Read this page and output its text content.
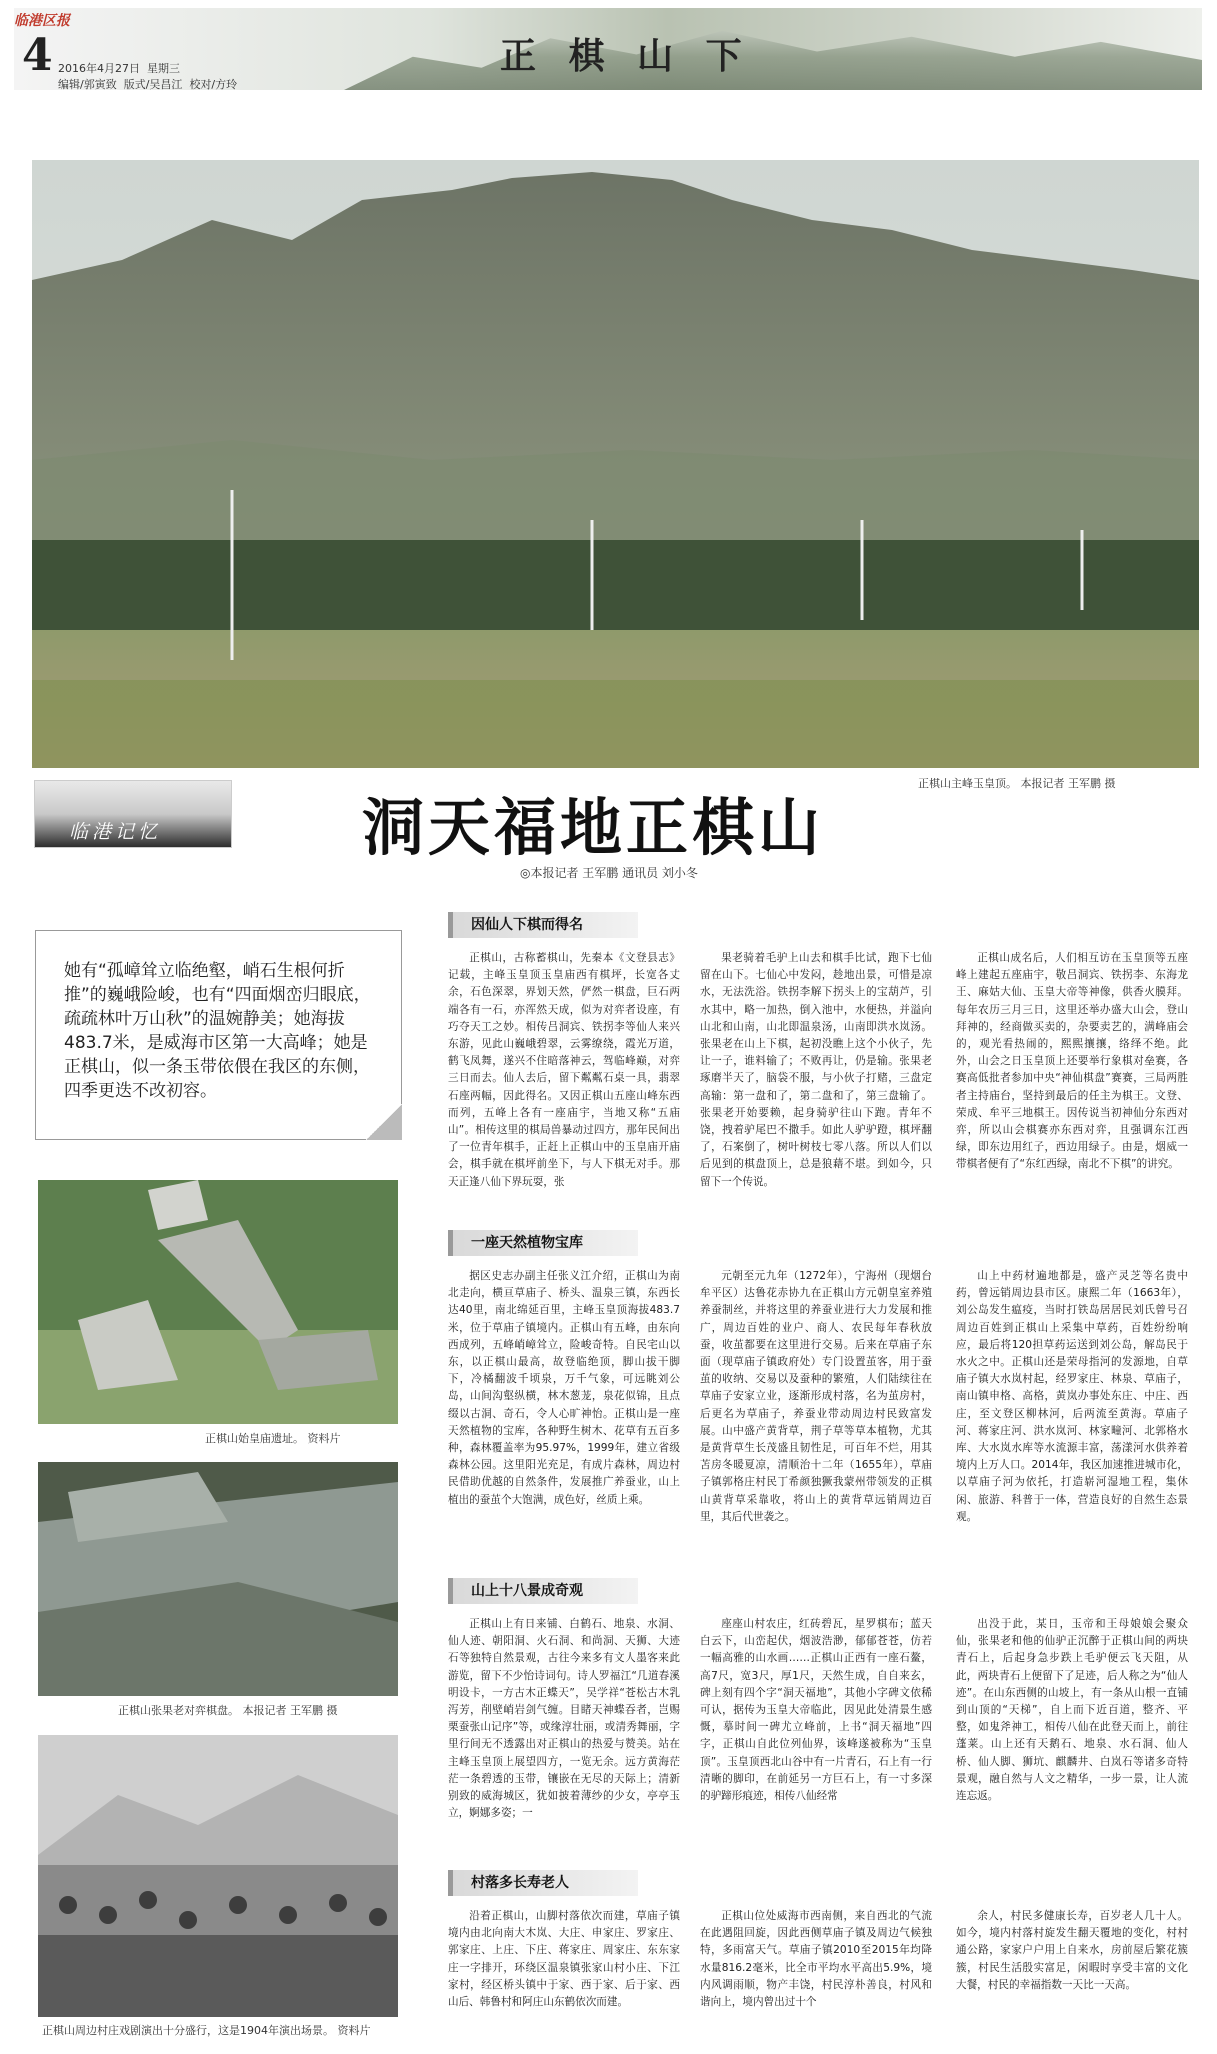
临港区报
4 2016年4月27日 星期三
编辑/郭寅致 版式/吴昌江 校对/方玲
正 棋 山 下
正棋山主峰玉皇顶。 本报记者 王军鹏 摄
临港记忆	洞天福地正棋山
◎本报记者 王军鹏 通讯员 刘小冬
她有“孤嶂耸立临绝壑，峭石生根何折推”的巍峨险峻，也有“四面烟峦归眼底，疏疏林叶万山秋”的温婉静美；她海拔483.7米，是威海市区第一大高峰；她是正棋山，似一条玉带依偎在我区的东侧，四季更迭不改初容。
正棋山始皇庙遗址。 资料片
正棋山张果老对弈棋盘。 本报记者 王军鹏 摄
正棋山周边村庄戏剧演出十分盛行，这是1904年演出场景。 资料片
因仙人下棋而得名

正棋山，古称蓄棋山，先秦本《文登县志》记载，主峰玉皇顶玉皇庙西有棋坪，长宽各丈余，石色深翠，界划天然，俨然一棋盘，巨石两端各有一石，亦浑然天成，似为对弈者设座，有巧夺天工之妙。相传吕洞宾、铁拐李等仙人来兴东游，见此山巍峨碧翠，云雾缭绕，霞光万道，鹤飞凤舞，遂兴不住暗落神云，驾临峰巅，对弈三日而去。仙人去后，留下粼粼石桌一具，翡翠石座两幅，因此得名。又因正棋山五座山峰东西而列，五峰上各有一座庙宇，当地又称“五庙山”。相传这里的棋局兽暴动过四方，那年民间出了一位青年棋手，正赶上正棋山中的玉皇庙开庙会，棋手就在棋坪前坐下，与人下棋无对手。那天正逢八仙下界玩耍，张

果老骑着毛驴上山去和棋手比试，跑下七仙留在山下。七仙心中发闷，趁地出景，可惜是凉水，无法洗浴。铁拐李解下拐头上的宝葫芦，引水其中，略一加热，倒入池中，水便热，并溢向山北和山南，山北即温泉汤，山南即洪水岚汤。张果老在山上下棋，起初没瞧上这个小伙子，先让一子，谁料输了；不败再让，仍是输。张果老琢磨半天了，脑袋不服，与小伙子打赌，三盘定高输：第一盘和了，第二盘和了，第三盘输了。张果老开始要赖，起身骑驴往山下跑。青年不饶，拽着驴尾巴不撒手。如此人驴驴蹬，棋坪翻了，石案倒了，树叶树枝七零八落。所以人们以后见到的棋盘顶上，总是狼藉不堪。到如今，只留下一个传说。

正棋山成名后，人们相互访在玉皇顶等五座峰上建起五座庙宇，敬吕洞宾、铁拐李、东海龙王、麻姑大仙、玉皇大帝等神像，供香火膜拜。每年农历三月三日，这里还举办盛大山会，登山拜神的，经商做买卖的，杂要卖艺的，满峰庙会的，观光看热闹的，熙熙攘攘，络绎不绝。此外，山会之日玉皇顶上还要举行象棋对垒赛，各赛高低批者参加中央“神仙棋盘”赛赛，三局两胜者主持庙台，坚持到最后的任主为棋王。文登、荣成、牟平三地棋王。因传说当初神仙分东西对弈，所以山会棋赛亦东西对弈，且强调东江西绿，即东边用红子，西边用绿子。由是，烟威一带棋者便有了“东红西绿，南北不下棋”的讲究。

一座天然植物宝库

据区史志办副主任张义江介绍，正棋山为南北走向，横亘草庙子、桥头、温泉三镇，东西长达40里，南北绵延百里，主峰玉皇顶海拔483.7米，位于草庙子镇境内。正棋山有五峰，由东向西成列，五峰峭嶂耸立，险峻奇特。自民宅山以东，以正棋山最高，故登临绝顶，脚山拔干脚下，冷橘翻波千顷泉，万千气象，可远眺刘公岛，山间沟壑纵横，林木葱茏，泉花似锦，且点缀以古洞、奇石，令人心旷神怡。正棋山是一座天然植物的宝库，各种野生树木、花草有五百多种，森林覆盖率为95.97%，1999年，建立省级森林公园。这里阳光充足，有成片森林，周边村民借助优越的自然条件，发展推广养蚕业，山上植出的蚕茧个大饱满，成色好，丝质上乘。

元朝至元九年（1272年），宁海州（现烟台牟平区）达鲁花赤协九在正棋山方元朝皇室养殖养蚕制丝，并将这里的养蚕业进行大力发展和推广，周边百姓的业户、商人、农民每年春秋放蚕，收茧都要在这里进行交易。后来在草庙子东面（现草庙子镇政府处）专门设置茧客，用于蚕茧的收纳、交易以及蚕种的繁殖，人们陆续往在草庙子安家立业，逐渐形成村落，名为茧房村，后更名为草庙子，养蚕业带动周边村民致富发展。山中盛产黄背草，荆子草等草本植物，尤其是黄背草生长茂盛且韧性足，可百年不烂，用其苫房冬暖夏凉，清顺治十二年（1655年），草庙子镇郭格庄村民丁希颜独獗我蒙州带领发的正棋山黄背草采靠收，将山上的黄背草远销周边百里，其后代世袭之。

山上中药材遍地都是，盛产灵芝等名贵中药，曾远销周边县市区。康熙二年（1663年），刘公岛发生瘟疫，当时打铁岛居居民刘氏曾号召周边百姓到正棋山上采集中草药，百姓纷纷响应，最后将120担草药运送到刘公岛，解岛民于水火之中。正棋山还是荣母指河的发源地，自草庙子镇大水岚村起，经罗家庄、林泉、草庙子，南山镇申格、高格，黄岚办事处东庄、中庄、西庄，至文登区柳林河，后两流至黄海。草庙子河、蒋家庄河、洪水岚河、林家疃河、北郭格水库、大水岚水库等水流源丰富，荡漾河水供养着境内上万人口。2014年，我区加速推进城市化，以草庙子河为依托，打造崭河湿地工程，集休闲、旅游、科普于一体，营造良好的自然生态景观。

山上十八景成奇观

正棋山上有日来铺、白鹤石、地泉、水洞、仙人迹、朝阳洞、火石洞、和尚洞、天狮、大迹石等独特自然景观，古往今来多有文人墨客来此游览，留下不少怡诗词句。诗人罗福江“几道春溪明设卡，一方古木正蝶天”，吴学祥“苍松古木乳泻芳，削壁峭岩剑气缠。目睹天神蝶吞者，岂赐栗蚕张山记序”等，或缘淳壮丽，或清秀舞丽，字里行间无不透露出对正棋山的热爱与赞美。站在主峰玉皇顶上展望四方，一览无余。远方黄海茫茫一条碧透的玉带，镶嵌在无尽的天际上；清新别致的威海城区，犹如披着薄纱的少女，亭亭玉立，婀娜多姿；一

座座山村农庄，红砖碧瓦，星罗棋布；蓝天白云下，山峦起伏，烟波浩渺，郁郁苍苍，仿若一幅高雅的山水画……正棋山正西有一座石鳌，高7尺，宽3尺，厚1尺，天然生成，自自来玄，碑上刻有四个字“洞天福地”，其他小字碑文依稀可认，据传为玉皇大帝临此，因见此处清景生感慨，摹时间一碑尤立峰前，上书“洞天福地”四字，正棋山自此位列仙界，该峰遂被称为“玉皇顶”。玉皇顶西北山谷中有一片青石，石上有一行清晰的脚印，在前延另一方巨石上，有一寸多深的驴蹄形痕迹，相传八仙经常

出没于此，某日，玉帝和王母娘娘会聚众仙，张果老和他的仙驴正沉醉于正棋山间的两块青石上，后起身急步跌上毛驴便云飞天阻，从此，两块青石上便留下了足迹，后人称之为“仙人迹”。在山东西侧的山坡上，有一条从山根一直铺到山顶的“天梯”，自上而下近百道，整齐、平整，如鬼斧神工，相传八仙在此登天而上，前往蓬莱。山上还有天鹅石、地泉、水石洞、仙人桥、仙人脚、狮坑、麒麟井、白岚石等诸多奇特景观，融自然与人文之精华，一步一景，让人流连忘返。

村落多长寿老人

沿着正棋山，山脚村落依次而建，草庙子镇境内由北向南大木岚、大庄、申家庄、罗家庄、郭家庄、上庄、下庄、蒋家庄、周家庄、东东家庄一字排开，环绕区温泉镇张家山村小庄、下江家村，经区桥头镇中于家、西于家、后于家、西山后、韩鲁村和阿庄山东鹤依次而建。

正棋山位处威海市西南侧，来自西北的气流在此遇阻回旋，因此西侧草庙子镇及周边气候独特，多雨富天气。草庙子镇2010至2015年均降水量816.2毫米，比全市平均水平高出5.9%，境内风调雨顺，物产丰饶，村民淳朴善良，村风和谐向上，境内曾出过十个

余人，村民多健康长寿，百岁老人几十人。如今，境内村落村旋发生翻天覆地的变化，村村通公路，家家户户用上自来水，房前屋后繁花簇簇，村民生活殷实富足，闲暇时享受丰富的文化大餐，村民的幸福指数一天比一天高。
